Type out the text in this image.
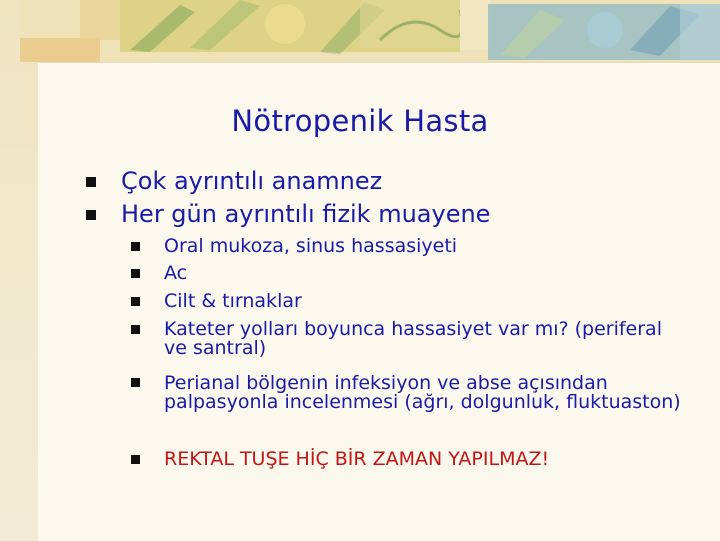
Nötropenik Hasta
Çok ayrıntılı anamnez
Her gün ayrıntılı fizik muayene
Oral mukoza, sinus hassasiyeti
Ac
Cilt & tırnaklar
Kateter yolları boyunca hassasiyet var mı? (periferal ve santral)
Perianal bölgenin infeksiyon ve abse açısından palpasyonla incelenmesi (ağrı, dolgunluk, fluktuaston)
REKTAL TUŞE HİÇ BİR ZAMAN YAPILMAZ!
